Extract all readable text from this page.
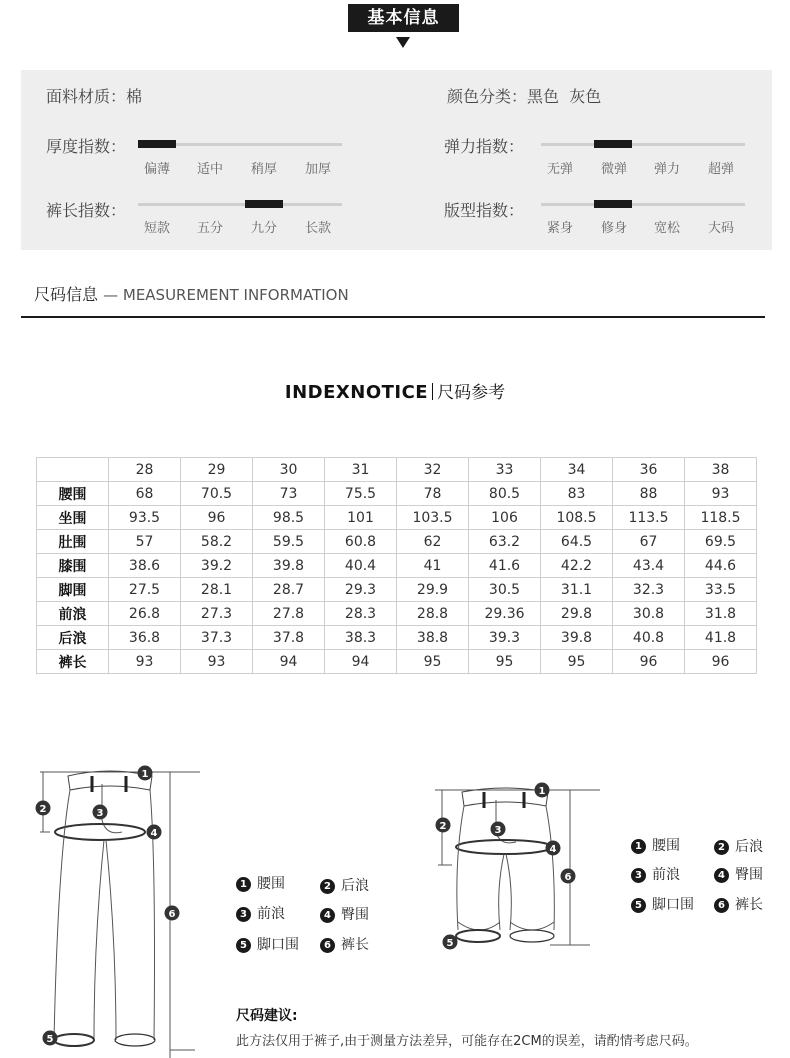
基本信息
面料材质：棉	颜色分类：黑色  灰色
厚度指数：
偏薄 适中 稍厚 加厚
弹力指数：
无弹 微弹 弹力 超弹
裤长指数：
短款 五分 九分 长款
版型指数：
紧身 修身 宽松 大码
尺码信息 — MEASUREMENT INFORMATION
INDEXNOTICE 尺码参考
	28	29	30	31	32	33	34	36	38
腰围	68	70.5	73	75.5	78	80.5	83	88	93
坐围	93.5	96	98.5	101	103.5	106	108.5	113.5	118.5
肚围	57	58.2	59.5	60.8	62	63.2	64.5	67	69.5
膝围	38.6	39.2	39.8	40.4	41	41.6	42.2	43.4	44.6
脚围	27.5	28.1	28.7	29.3	29.9	30.5	31.1	32.3	33.5
前浪	26.8	27.3	27.8	28.3	28.8	29.36	29.8	30.8	31.8
后浪	36.8	37.3	37.8	38.3	38.8	39.3	39.8	40.8	41.8
裤长	93	93	94	94	95	95	95	96	96
1
2	3
4
5
6
1
2	3
4
5
6
1 腰围	2 后浪
3 前浪	4 臀围
5 脚口围	6 裤长
1 腰围	2 后浪
3 前浪	4 臀围
5 脚口围	6 裤长
尺码建议:
此方法仅用于裤子,由于测量方法差异，可能存在2CM的误差，请酌情考虑尺码。
